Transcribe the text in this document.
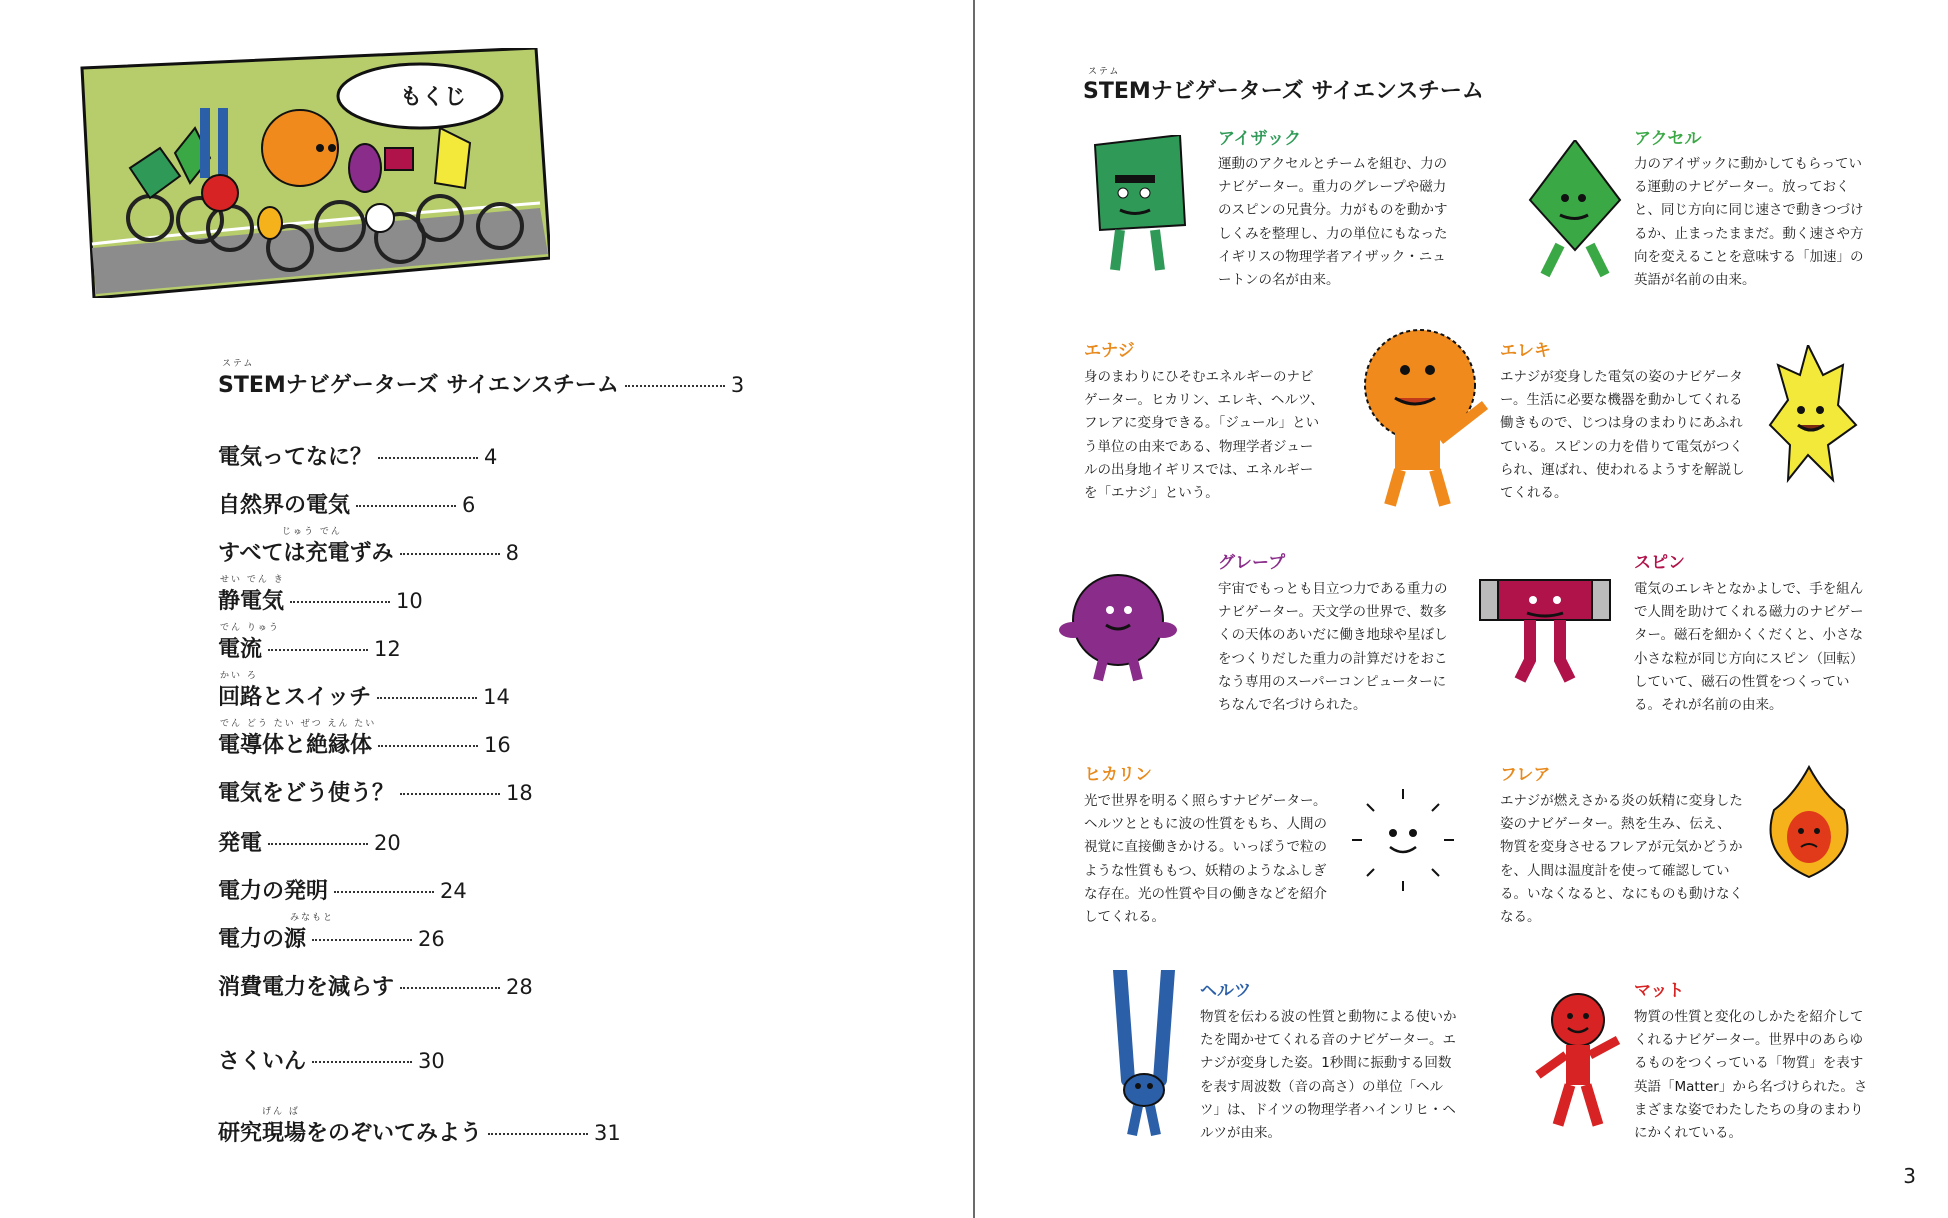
もくじ
ステム
STEMナビゲーターズ サイエンスチーム	3
電気ってなに？	4
自然界の電気	6
じゅう でん
すべては充電ずみ	8
せい でん き
静電気	10
でん りゅう
電流	12
かい ろ
回路とスイッチ	14
でん どう たい ぜつ えん たい
電導体と絶縁体	16
電気をどう使う？	18
発電	20
電力の発明	24
みなもと
電力の源	26
消費電力を減らす	28
さくいん	30
げん ば
研究現場をのぞいてみよう	31
ステム
STEMナビゲーターズ サイエンスチーム
アイザック
運動のアクセルとチームを組む、力のナビゲーター。重力のグレープや磁力のスピンの兄貴分。力がものを動かすしくみを整理し、力の単位にもなったイギリスの物理学者アイザック・ニュートンの名が由来。
アクセル
力のアイザックに動かしてもらっている運動のナビゲーター。放っておくと、同じ方向に同じ速さで動きつづけるか、止まったままだ。動く速さや方向を変えることを意味する「加速」の英語が名前の由来。
エナジ
身のまわりにひそむエネルギーのナビゲーター。ヒカリン、エレキ、ヘルツ、フレアに変身できる。「ジュール」という単位の由来である、物理学者ジュールの出身地イギリスでは、エネルギーを「エナジ」という。
エレキ
エナジが変身した電気の姿のナビゲーター。生活に必要な機器を動かしてくれる働きもので、じつは身のまわりにあふれている。スピンの力を借りて電気がつくられ、運ばれ、使われるようすを解説してくれる。
グレープ
宇宙でもっとも目立つ力である重力のナビゲーター。天文学の世界で、数多くの天体のあいだに働き地球や星ぼしをつくりだした重力の計算だけをおこなう専用のスーパーコンピューターにちなんで名づけられた。
スピン
電気のエレキとなかよしで、手を組んで人間を助けてくれる磁力のナビゲーター。磁石を細かくくだくと、小さな小さな粒が同じ方向にスピン（回転）していて、磁石の性質をつくっている。それが名前の由来。
ヒカリン
光で世界を明るく照らすナビゲーター。ヘルツとともに波の性質をもち、人間の視覚に直接働きかける。いっぽうで粒のような性質ももつ、妖精のようなふしぎな存在。光の性質や目の働きなどを紹介してくれる。
フレア
エナジが燃えさかる炎の妖精に変身した姿のナビゲーター。熱を生み、伝え、物質を変身させるフレアが元気かどうかを、人間は温度計を使って確認している。いなくなると、なにものも動けなくなる。
ヘルツ
物質を伝わる波の性質と動物による使いかたを聞かせてくれる音のナビゲーター。エナジが変身した姿。1秒間に振動する回数を表す周波数（音の高さ）の単位「ヘルツ」は、ドイツの物理学者ハインリヒ・ヘルツが由来。
マット
物質の性質と変化のしかたを紹介してくれるナビゲーター。世界中のあらゆるものをつくっている「物質」を表す英語「Matter」から名づけられた。さまざまな姿でわたしたちの身のまわりにかくれている。
3
